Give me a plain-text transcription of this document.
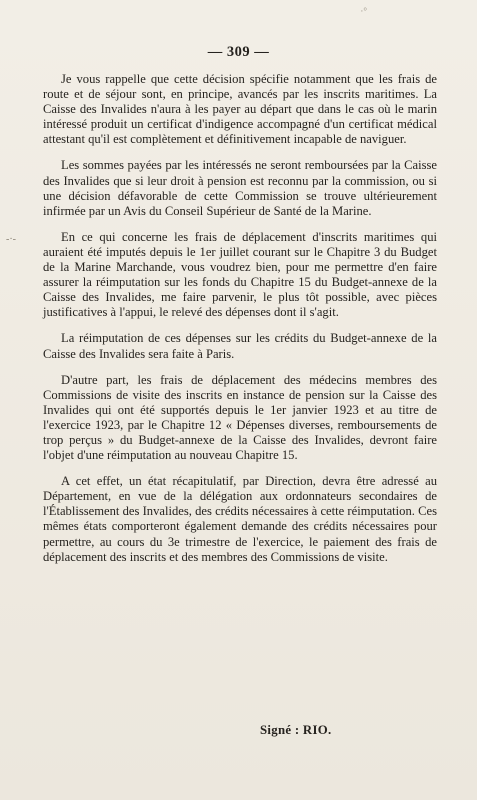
·°
-·-
— 309 —

Je vous rappelle que cette décision spécifie notamment que les frais de route et de séjour sont, en principe, avancés par les inscrits maritimes. La Caisse des Invalides n'aura à les payer au départ que dans le cas où le marin intéressé produit un certificat d'indigence accompagné d'un certificat médical attestant qu'il est complètement et définitivement incapable de naviguer.

Les sommes payées par les intéressés ne seront remboursées par la Caisse des Invalides que si leur droit à pension est reconnu par la commission, ou si une décision défavorable de cette Commission se trouve ultérieurement infirmée par un Avis du Conseil Supérieur de Santé de la Marine.

En ce qui concerne les frais de déplacement d'inscrits maritimes qui auraient été imputés depuis le 1er juillet courant sur le Chapitre 3 du Budget de la Marine Marchande, vous voudrez bien, pour me permettre d'en faire assurer la réimputation sur les fonds du Chapitre 15 du Budget-annexe de la Caisse des Invalides, me faire parvenir, le plus tôt possible, avec pièces justificatives à l'appui, le relevé des dépenses dont il s'agit.

La réimputation de ces dépenses sur les crédits du Budget-annexe de la Caisse des Invalides sera faite à Paris.

D'autre part, les frais de déplacement des médecins membres des Commissions de visite des inscrits en instance de pension sur la Caisse des Invalides qui ont été supportés depuis le 1er janvier 1923 et au titre de l'exercice 1923, par le Chapitre 12 « Dépenses diverses, remboursements de trop perçus » du Budget-annexe de la Caisse des Invalides, devront faire l'objet d'une réimputation au nouveau Chapitre 15.

A cet effet, un état récapitulatif, par Direction, devra être adressé au Département, en vue de la délégation aux ordonnateurs secondaires de l'Établissement des Invalides, des crédits nécessaires à cette réimputation. Ces mêmes états comporteront également demande des crédits nécessaires pour permettre, au cours du 3e trimestre de l'exercice, le paiement des frais de déplacement des inscrits et des membres des Commissions de visite.

Signé : RIO.
